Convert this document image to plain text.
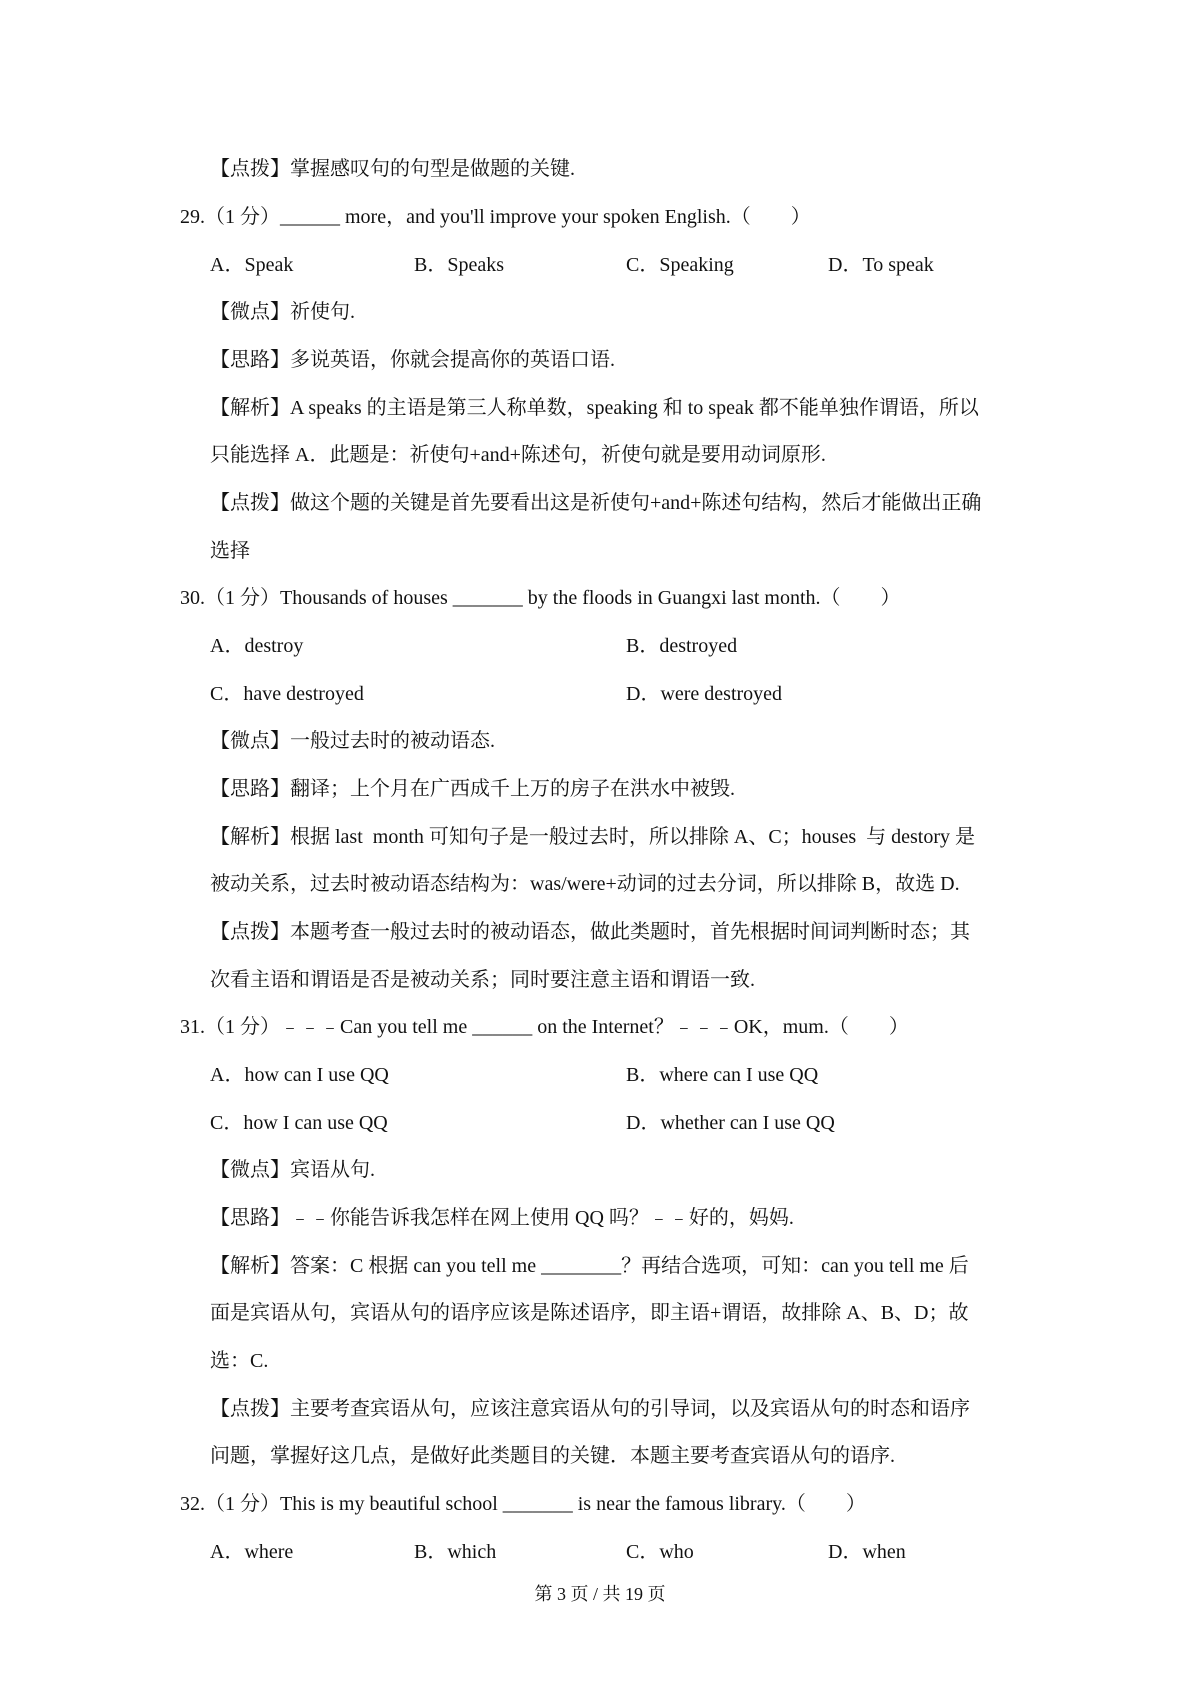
【点拨】掌握感叹句的句型是做题的关键.
29.（1 分）______ more，and you'll improve your spoken English.（　　）
A．Speak	B．Speaks	C．Speaking	D．To speak
【微点】祈使句.
【思路】多说英语，你就会提高你的英语口语.
【解析】A speaks 的主语是第三人称单数，speaking 和 to speak 都不能单独作谓语，所以
只能选择 A．此题是：祈使句+and+陈述句，祈使句就是要用动词原形.
【点拨】做这个题的关键是首先要看出这是祈使句+and+陈述句结构，然后才能做出正确
选择
30.（1 分）Thousands of houses _______ by the floods in Guangxi last month.（　　）
A．destroy	B．destroyed
C．have destroyed	D．were destroyed
【微点】一般过去时的被动语态.
【思路】翻译；上个月在广西成千上万的房子在洪水中被毁.
【解析】根据 last  month 可知句子是一般过去时，所以排除 A、C；houses  与 destory 是
被动关系，过去时被动语态结构为：was/were+动词的过去分词，所以排除 B，故选 D.
【点拨】本题考查一般过去时的被动语态，做此类题时，首先根据时间词判断时态；其
次看主语和谓语是否是被动关系；同时要注意主语和谓语一致.
31.（1 分）﹣﹣﹣Can you tell me ______ on the Internet？﹣﹣﹣OK，mum.（　　）
A．how can I use QQ	B．where can I use QQ
C．how I can use QQ	D．whether can I use QQ
【微点】宾语从句.
【思路】﹣﹣你能告诉我怎样在网上使用 QQ 吗？﹣﹣好的，妈妈.
【解析】答案：C 根据 can you tell me ________？再结合选项，可知：can you tell me 后
面是宾语从句，宾语从句的语序应该是陈述语序，即主语+谓语，故排除 A、B、D；故
选：C.
【点拨】主要考查宾语从句，应该注意宾语从句的引导词，以及宾语从句的时态和语序
问题，掌握好这几点，是做好此类题目的关键．本题主要考查宾语从句的语序.
32.（1 分）This is my beautiful school _______ is near the famous library.（　　）
A．where	B．which	C．who	D．when
第 3 页 / 共 19 页
